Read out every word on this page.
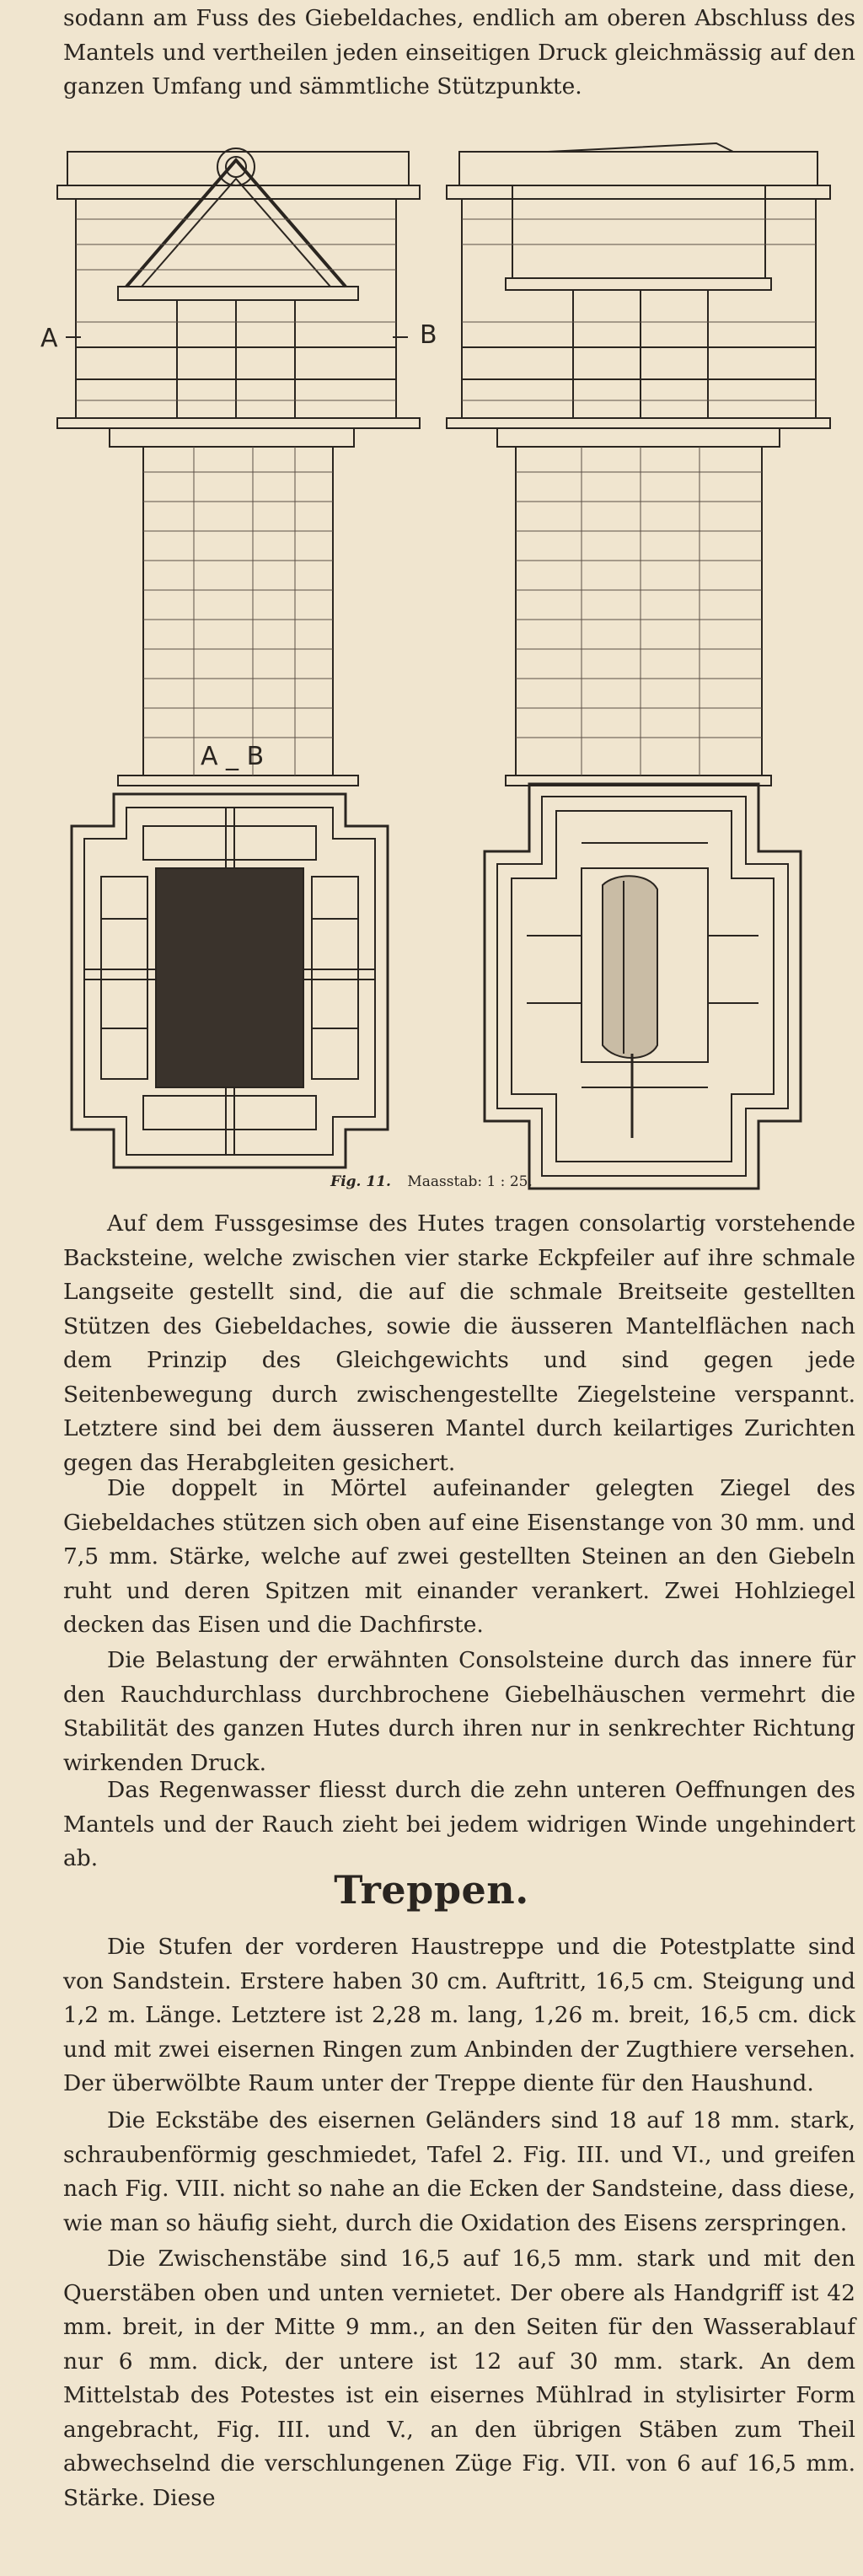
sodann am Fuss des Giebeldaches, endlich am oberen Abschluss des Mantels und vertheilen jeden einseitigen Druck gleichmässig auf den ganzen Umfang und sämmtliche Stützpunkte.

A	B
A _ B
Fig. 11. Maasstab: 1 : 25.

Auf dem Fussgesimse des Hutes tragen consolartig vorstehende Backsteine, welche zwischen vier starke Eckpfeiler auf ihre schmale Langseite gestellt sind, die auf die schmale Breitseite gestellten Stützen des Giebeldaches, sowie die äusseren Mantelflächen nach dem Prinzip des Gleichgewichts und sind gegen jede Seitenbewegung durch zwischengestellte Ziegelsteine verspannt. Letztere sind bei dem äusseren Mantel durch keilartiges Zurichten gegen das Herabgleiten gesichert.

Die doppelt in Mörtel aufeinander gelegten Ziegel des Giebeldaches stützen sich oben auf eine Eisenstange von 30 mm. und 7,5 mm. Stärke, welche auf zwei gestellten Steinen an den Giebeln ruht und deren Spitzen mit einander verankert. Zwei Hohlziegel decken das Eisen und die Dachfirste.

Die Belastung der erwähnten Consolsteine durch das innere für den Rauchdurchlass durchbrochene Giebelhäuschen vermehrt die Stabilität des ganzen Hutes durch ihren nur in senkrechter Richtung wirkenden Druck.

Das Regenwasser fliesst durch die zehn unteren Oeffnungen des Mantels und der Rauch zieht bei jedem widrigen Winde ungehindert ab.

Treppen.

Die Stufen der vorderen Haustreppe und die Potestplatte sind von Sandstein. Erstere haben 30 cm. Auftritt, 16,5 cm. Steigung und 1,2 m. Länge. Letztere ist 2,28 m. lang, 1,26 m. breit, 16,5 cm. dick und mit zwei eisernen Ringen zum Anbinden der Zugthiere versehen. Der überwölbte Raum unter der Treppe diente für den Haushund.

Die Eckstäbe des eisernen Geländers sind 18 auf 18 mm. stark, schraubenförmig geschmiedet, Tafel 2. Fig. III. und VI., und greifen nach Fig. VIII. nicht so nahe an die Ecken der Sandsteine, dass diese, wie man so häufig sieht, durch die Oxidation des Eisens zerspringen.

Die Zwischenstäbe sind 16,5 auf 16,5 mm. stark und mit den Querstäben oben und unten vernietet. Der obere als Handgriff ist 42 mm. breit, in der Mitte 9 mm., an den Seiten für den Wasserablauf nur 6 mm. dick, der untere ist 12 auf 30 mm. stark. An dem Mittelstab des Potestes ist ein eisernes Mühlrad in stylisirter Form angebracht, Fig. III. und V., an den übrigen Stäben zum Theil abwechselnd die verschlungenen Züge Fig. VII. von 6 auf 16,5 mm. Stärke. Diese
